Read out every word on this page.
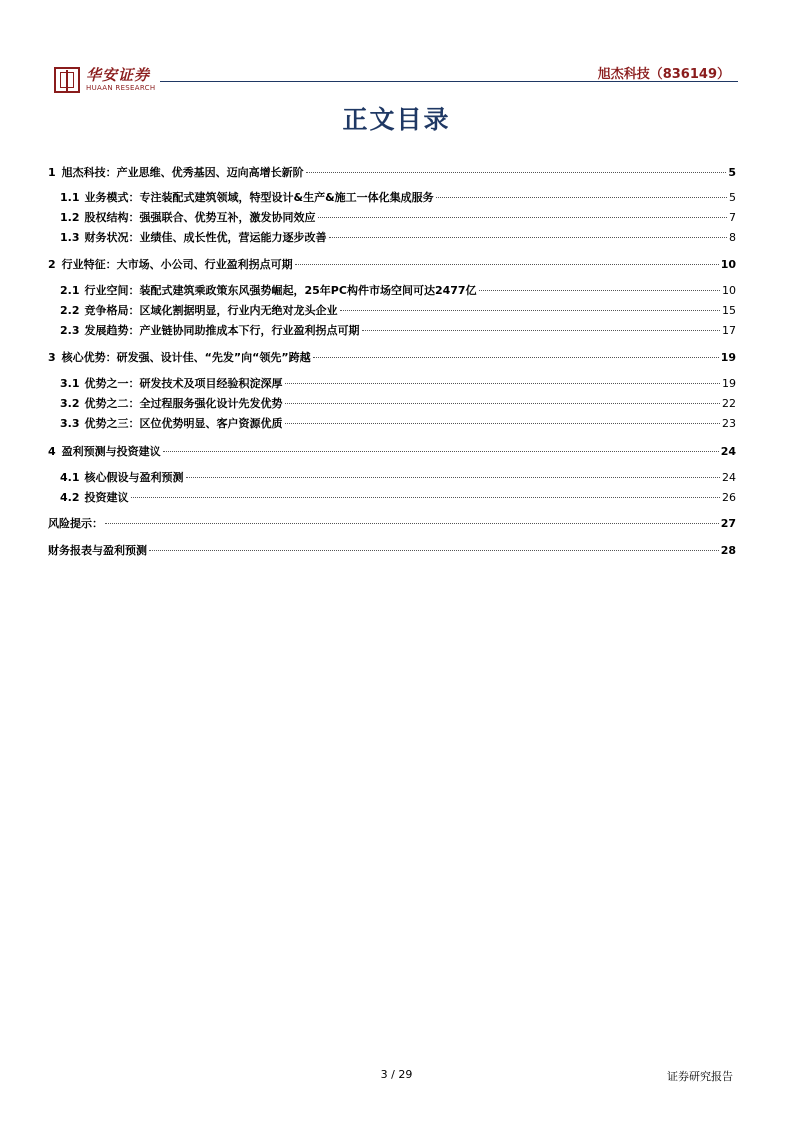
华安证券
HUAAN RESEARCH
旭杰科技（836149）
正文目录
1 旭杰科技：产业思维、优秀基因、迈向高增长新阶	5
1.1 业务模式：专注装配式建筑领域，特型设计&生产&施工一体化集成服务	5
1.2 股权结构：强强联合、优势互补，激发协同效应	7
1.3 财务状况：业绩佳、成长性优，营运能力逐步改善	8
2 行业特征：大市场、小公司、行业盈利拐点可期	10
2.1 行业空间：装配式建筑乘政策东风强势崛起，25年PC构件市场空间可达2477亿	10
2.2 竞争格局：区域化割据明显，行业内无绝对龙头企业	15
2.3 发展趋势：产业链协同助推成本下行，行业盈利拐点可期	17
3 核心优势：研发强、设计佳、“先发”向“领先”跨越	19
3.1 优势之一：研发技术及项目经验积淀深厚	19
3.2 优势之二：全过程服务强化设计先发优势	22
3.3 优势之三：区位优势明显、客户资源优质	23
4 盈利预测与投资建议	24
4.1 核心假设与盈利预测	24
4.2 投资建议	26
风险提示：	27
财务报表与盈利预测	28
3 / 29	证券研究报告
